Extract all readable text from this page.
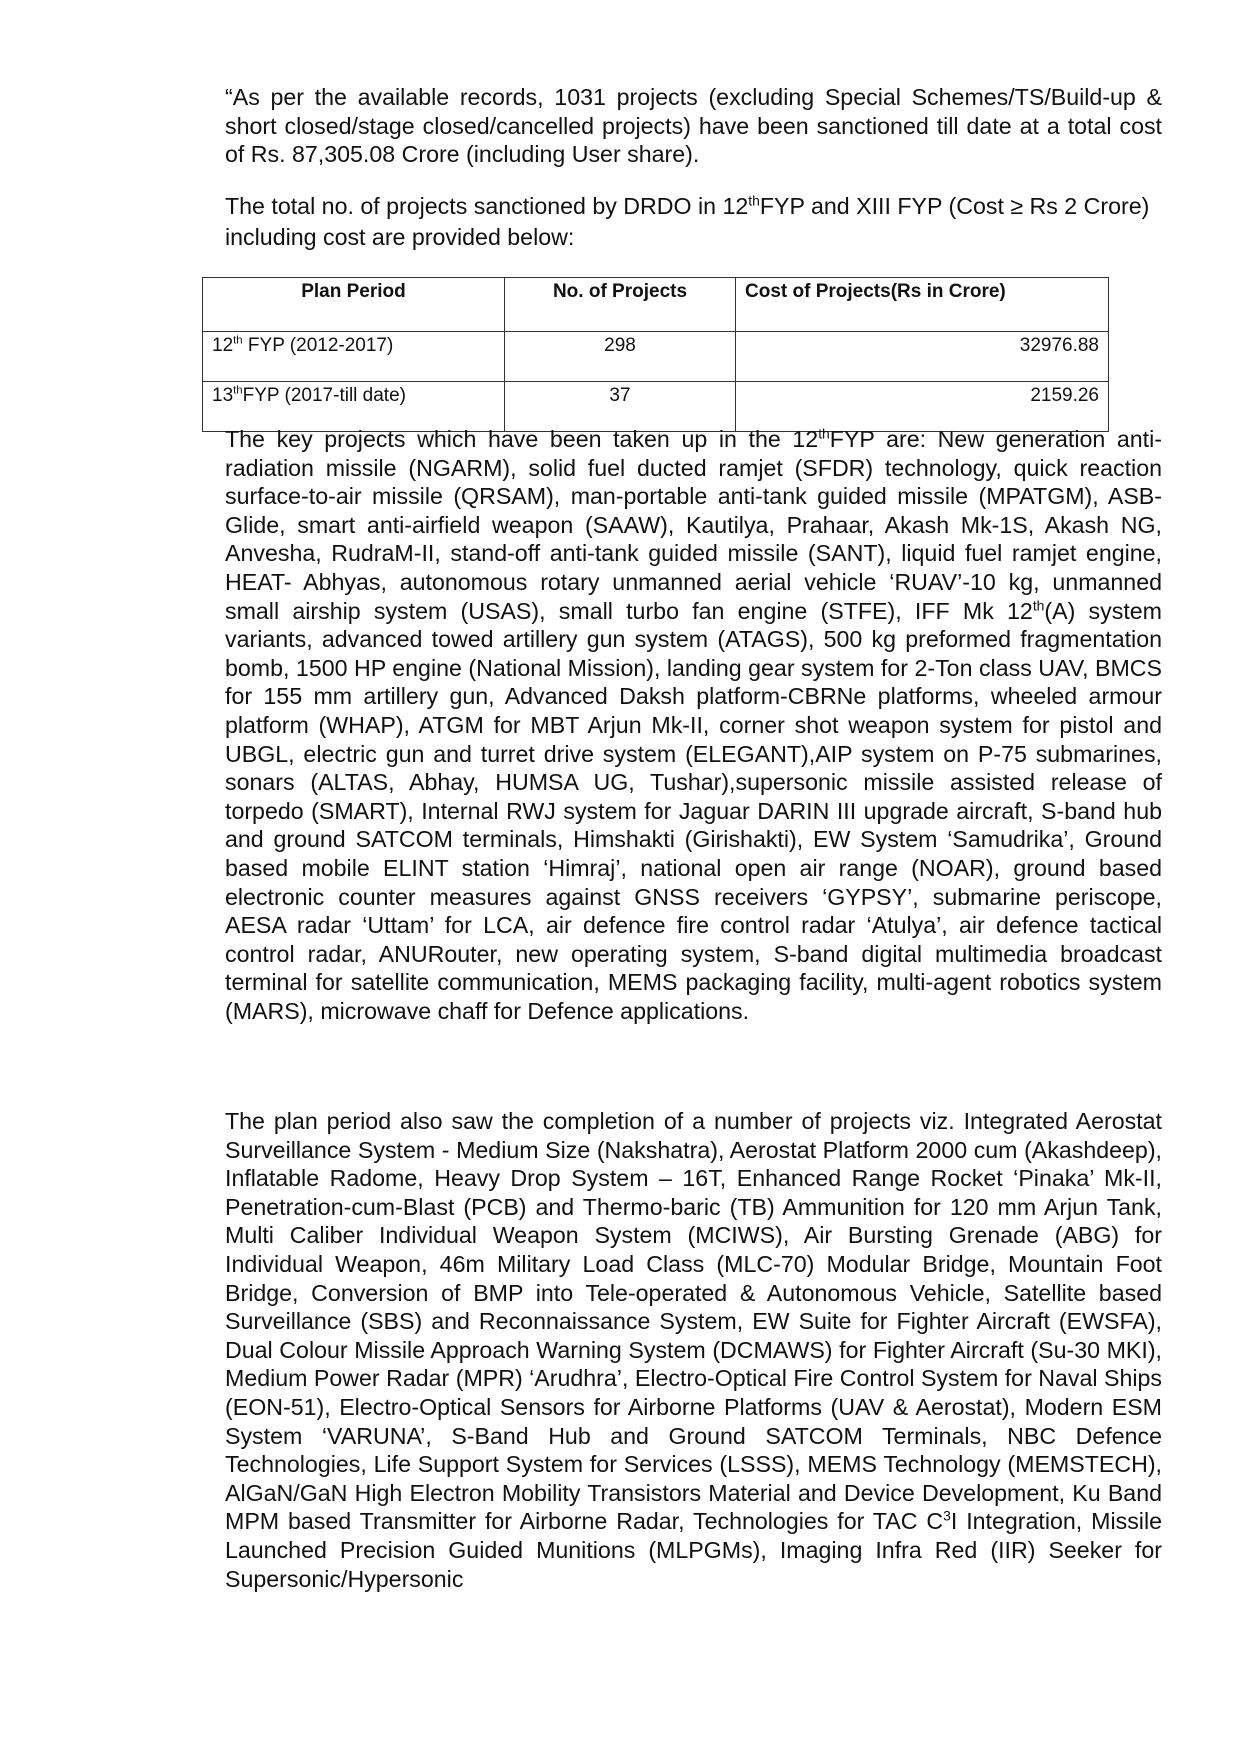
“As per the available records, 1031 projects (excluding Special Schemes/TS/Build-up & short closed/stage closed/cancelled projects) have been sanctioned till date at a total cost of Rs. 87,305.08 Crore (including User share).

The total no. of projects sanctioned by DRDO in 12thFYP and XIII FYP (Cost ≥ Rs 2 Crore) including cost are provided below:

Plan Period	No. of Projects	Cost of Projects(Rs in Crore)
12th FYP (2012-2017)	298	32976.88
13thFYP (2017-till date)	37	2159.26

The key projects which have been taken up in the 12thFYP are: New generation anti-radiation missile (NGARM), solid fuel ducted ramjet (SFDR) technology, quick reaction surface-to-air missile (QRSAM), man-portable anti-tank guided missile (MPATGM), ASB-Glide, smart anti-airfield weapon (SAAW), Kautilya, Prahaar, Akash Mk-1S, Akash NG, Anvesha, RudraM-II, stand-off anti-tank guided missile (SANT), liquid fuel ramjet engine, HEAT- Abhyas, autonomous rotary unmanned aerial vehicle ‘RUAV’-10 kg, unmanned small airship system (USAS), small turbo fan engine (STFE), IFF Mk 12th(A) system variants, advanced towed artillery gun system (ATAGS), 500 kg preformed fragmentation bomb, 1500 HP engine (National Mission), landing gear system for 2-Ton class UAV, BMCS for 155 mm artillery gun, Advanced Daksh platform-CBRNe platforms, wheeled armour platform (WHAP), ATGM for MBT Arjun Mk-II, corner shot weapon system for pistol and UBGL, electric gun and turret drive system (ELEGANT),AIP system on P-75 submarines, sonars (ALTAS, Abhay, HUMSA UG, Tushar),supersonic missile assisted release of torpedo (SMART), Internal RWJ system for Jaguar DARIN III upgrade aircraft, S-band hub and ground SATCOM terminals, Himshakti (Girishakti), EW System ‘Samudrika’, Ground based mobile ELINT station ‘Himraj’, national open air range (NOAR), ground based electronic counter measures against GNSS receivers ‘GYPSY’, submarine periscope, AESA radar ‘Uttam’ for LCA, air defence fire control radar ‘Atulya’, air defence tactical control radar, ANURouter, new operating system, S-band digital multimedia broadcast terminal for satellite communication, MEMS packaging facility, multi-agent robotics system (MARS), microwave chaff for Defence applications.

The plan period also saw the completion of a number of projects viz. Integrated Aerostat Surveillance System - Medium Size (Nakshatra), Aerostat Platform 2000 cum (Akashdeep), Inflatable Radome, Heavy Drop System – 16T, Enhanced Range Rocket ‘Pinaka’ Mk-II, Penetration-cum-Blast (PCB) and Thermo-baric (TB) Ammunition for 120 mm Arjun Tank, Multi Caliber Individual Weapon System (MCIWS), Air Bursting Grenade (ABG) for Individual Weapon, 46m Military Load Class (MLC-70) Modular Bridge, Mountain Foot Bridge, Conversion of BMP into Tele-operated & Autonomous Vehicle, Satellite based Surveillance (SBS) and Reconnaissance System, EW Suite for Fighter Aircraft (EWSFA), Dual Colour Missile Approach Warning System (DCMAWS) for Fighter Aircraft (Su-30 MKI), Medium Power Radar (MPR) ‘Arudhra’, Electro-Optical Fire Control System for Naval Ships (EON-51), Electro-Optical Sensors for Airborne Platforms (UAV & Aerostat), Modern ESM System ‘VARUNA’, S-Band Hub and Ground SATCOM Terminals, NBC Defence Technologies, Life Support System for Services (LSSS), MEMS Technology (MEMSTECH), AlGaN/GaN High Electron Mobility Transistors Material and Device Development, Ku Band MPM based Transmitter for Airborne Radar, Technologies for TAC $C^3I$ Integration, Missile Launched Precision Guided Munitions (MLPGMs), Imaging Infra Red (IIR) Seeker for Supersonic/Hypersonic
